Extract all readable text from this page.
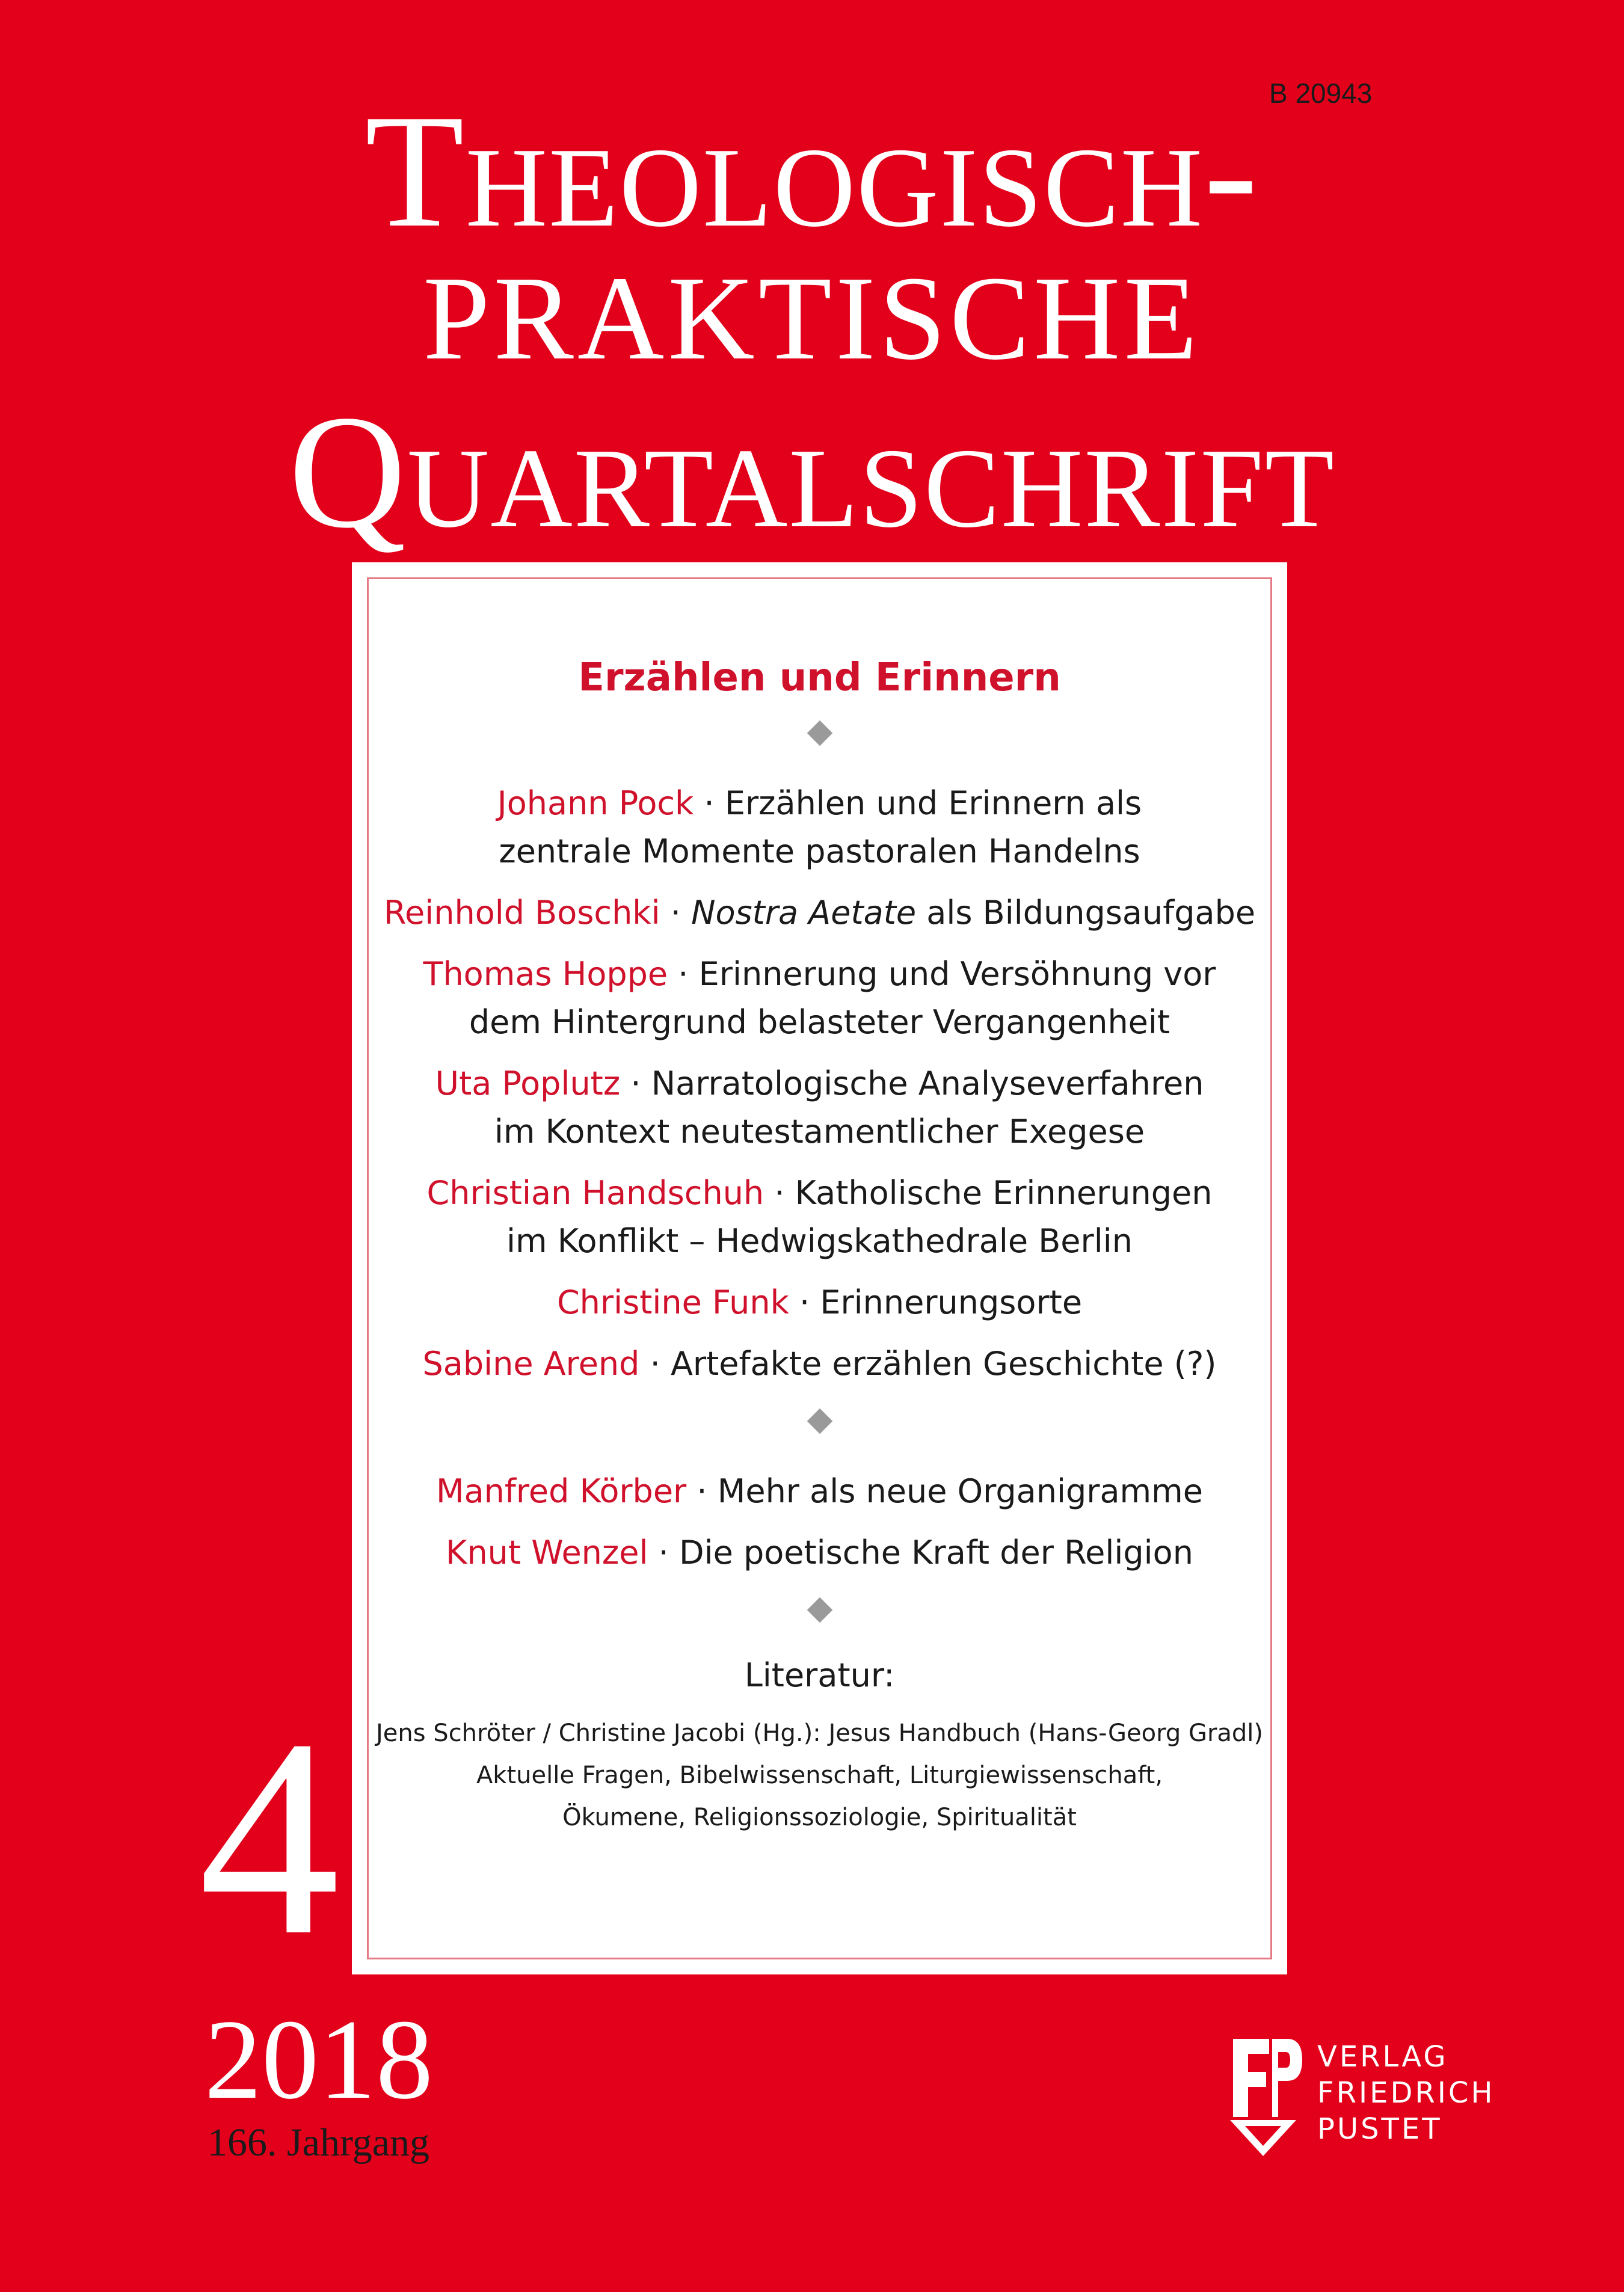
B 20943
Theologisch-
PRAKTISCHE
Quartalschrift
Erzählen und Erinnern
Johann Pock · Erzählen und Erinnern als
zentrale Momente pastoralen Handelns
Reinhold Boschki · Nostra Aetate als Bildungsaufgabe
Thomas Hoppe · Erinnerung und Versöhnung vor
dem Hintergrund belasteter Vergangenheit
Uta Poplutz · Narratologische Analyseverfahren
im Kontext neutestamentlicher Exegese
Christian Handschuh · Katholische Erinnerungen
im Konflikt – Hedwigskathedrale Berlin
Christine Funk · Erinnerungsorte
Sabine Arend · Artefakte erzählen Geschichte (?)
Manfred Körber · Mehr als neue Organigramme
Knut Wenzel · Die poetische Kraft der Religion
Literatur:
Jens Schröter / Christine Jacobi (Hg.): Jesus Handbuch (Hans-Georg Gradl)
Aktuelle Fragen, Bibelwissenschaft, Liturgiewissenschaft,
Ökumene, Religionssoziologie, Spiritualität
4
2018
166. Jahrgang
VERLAG
FRIEDRICH
PUSTET
